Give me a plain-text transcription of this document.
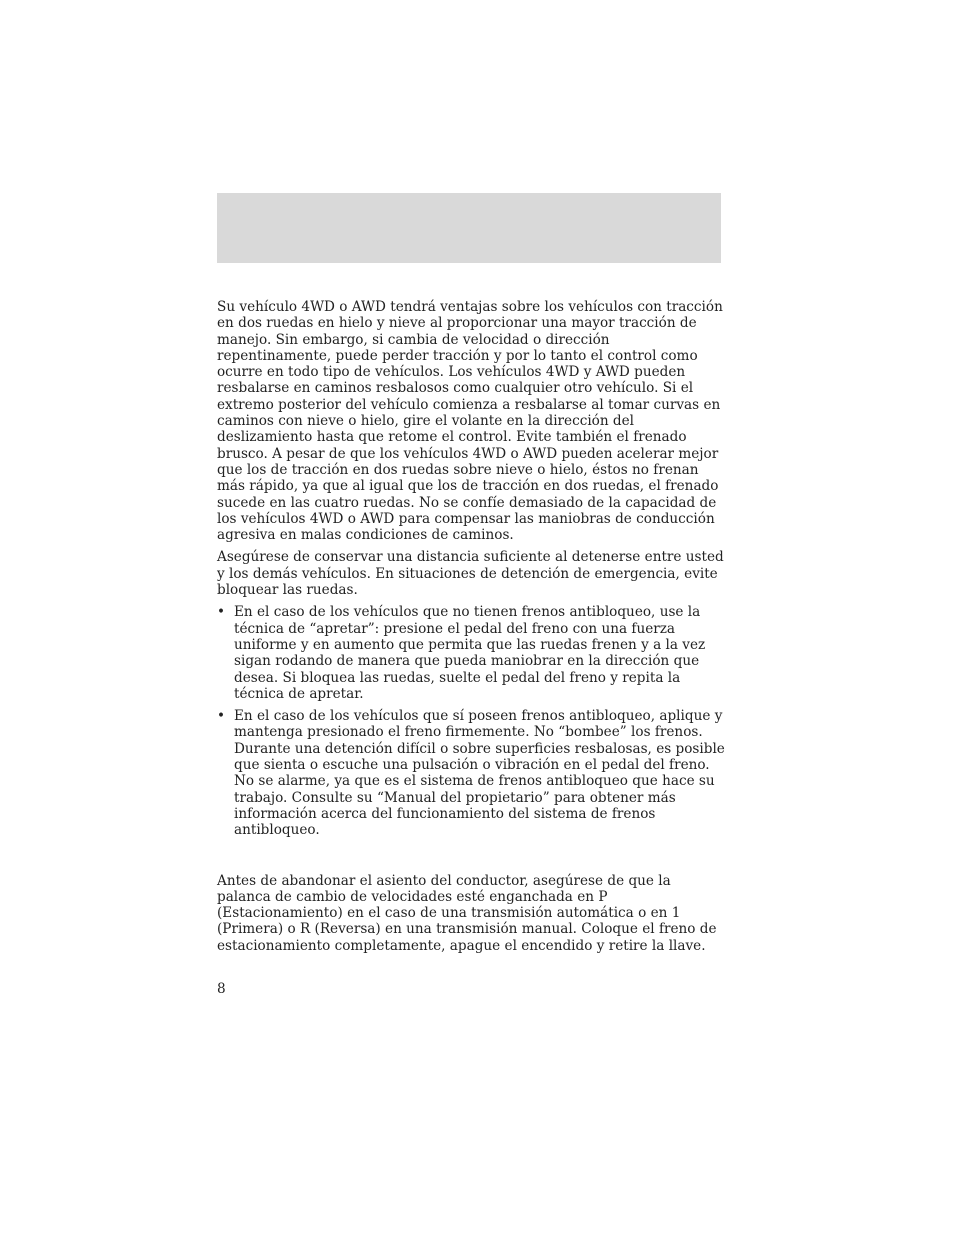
Su vehículo 4WD o AWD tendrá ventajas sobre los vehículos con tracción en dos ruedas en hielo y nieve al proporcionar una mayor tracción de manejo. Sin embargo, si cambia de velocidad o dirección repentinamente, puede perder tracción y por lo tanto el control como ocurre en todo tipo de vehículos. Los vehículos 4WD y AWD pueden resbalarse en caminos resbalosos como cualquier otro vehículo. Si el extremo posterior del vehículo comienza a resbalarse al tomar curvas en caminos con nieve o hielo, gire el volante en la dirección del deslizamiento hasta que retome el control. Evite también el frenado brusco. A pesar de que los vehículos 4WD o AWD pueden acelerar mejor que los de tracción en dos ruedas sobre nieve o hielo, éstos no frenan más rápido, ya que al igual que los de tracción en dos ruedas, el frenado sucede en las cuatro ruedas. No se confíe demasiado de la capacidad de los vehículos 4WD o AWD para compensar las maniobras de conducción agresiva en malas condiciones de caminos.

Asegúrese de conservar una distancia suficiente al detenerse entre usted y los demás vehículos. En situaciones de detención de emergencia, evite bloquear las ruedas.

• En el caso de los vehículos que no tienen frenos antibloqueo, use la técnica de “apretar”: presione el pedal del freno con una fuerza uniforme y en aumento que permita que las ruedas frenen y a la vez sigan rodando de manera que pueda maniobrar en la dirección que desea. Si bloquea las ruedas, suelte el pedal del freno y repita la técnica de apretar.
• En el caso de los vehículos que sí poseen frenos antibloqueo, aplique y mantenga presionado el freno firmemente. No “bombee” los frenos. Durante una detención difícil o sobre superficies resbalosas, es posible que sienta o escuche una pulsación o vibración en el pedal del freno. No se alarme, ya que es el sistema de frenos antibloqueo que hace su trabajo. Consulte su “Manual del propietario” para obtener más información acerca del funcionamiento del sistema de frenos antibloqueo.

Antes de abandonar el asiento del conductor, asegúrese de que la palanca de cambio de velocidades esté enganchada en P (Estacionamiento) en el caso de una transmisión automática o en 1 (Primera) o R (Reversa) en una transmisión manual. Coloque el freno de estacionamiento completamente, apague el encendido y retire la llave.

8
